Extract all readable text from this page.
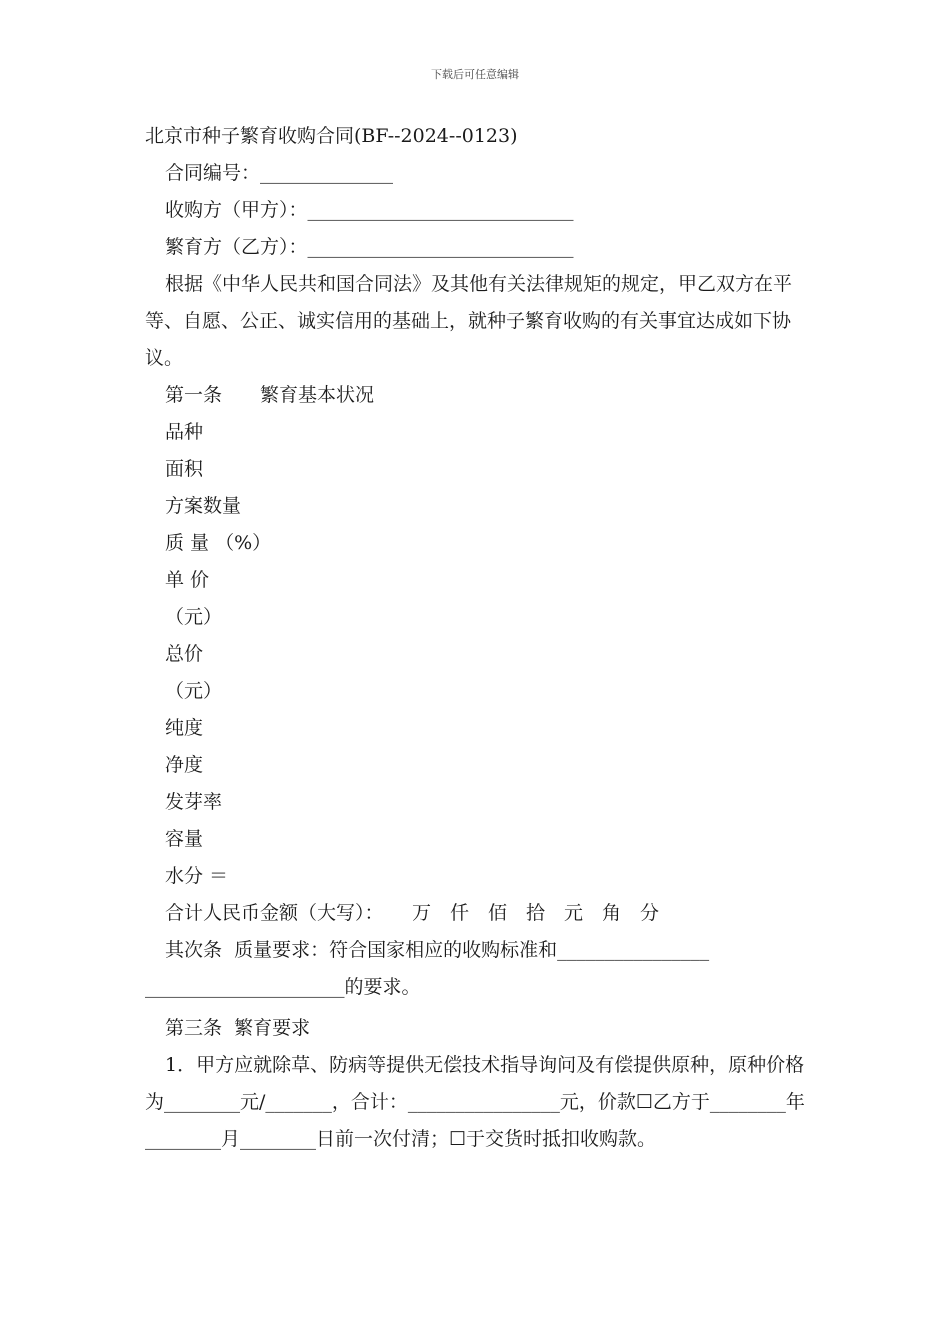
下载后可任意编辑
北京市种子繁育收购合同(BF--2024--0123)
合同编号：______________
收购方（甲方）：____________________________
繁育方（乙方）：____________________________
根据《中华人民共和国合同法》及其他有关法律规矩的规定，甲乙双方在平等、自愿、公正、诚实信用的基础上，就种子繁育收购的有关事宜达成如下协议。
第一条　　繁育基本状况
品种
面积
方案数量
质 量 （%）
单 价
（元）
总价
（元）
纯度
净度
发芽率
容量
水分 ＝
合计人民币金额（大写）：　　万　仟　佰　拾　元　角　分
其次条  质量要求：符合国家相应的收购标准和________________
_____________________的要求。
第三条  繁育要求
1．甲方应就除草、防病等提供无偿技术指导询问及有偿提供原种，原种价格为________元/_______，合计：________________元，价款☐乙方于________年________月________日前一次付清；☐于交货时抵扣收购款。
